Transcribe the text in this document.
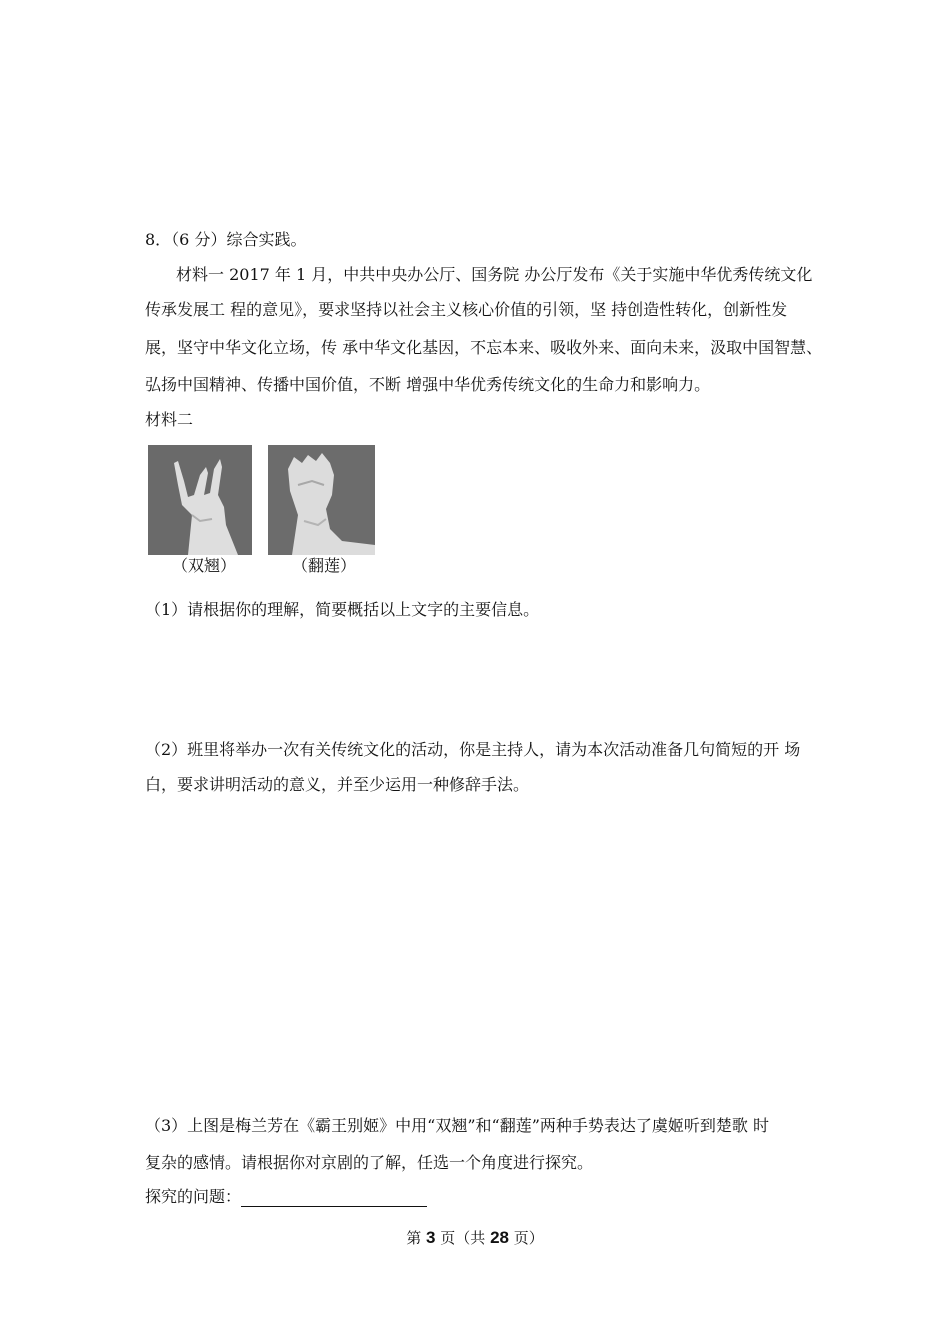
8．（6 分）综合实践。
材料一 2017 年 1 月，中共中央办公厅、国务院 办公厅发布《关于实施中华优秀传统文化
传承发展工 程的意见》，要求坚持以社会主义核心价值的引领，坚 持创造性转化，创新性发
展，坚守中华文化立场，传 承中华文化基因，不忘本来、吸收外来、面向未来，汲取中国智慧、
弘扬中国精神、传播中国价值，不断 增强中华优秀传统文化的生命力和影响力。
材料二
（双翘）	（翻莲）
（1）请根据你的理解，简要概括以上文字的主要信息。
（2）班里将举办一次有关传统文化的活动，你是主持人，请为本次活动准备几句简短的开 场
白，要求讲明活动的意义，并至少运用一种修辞手法。
（3）上图是梅兰芳在《霸王别姬》中用“双翘”和“翻莲”两种手势表达了虞姬听到楚歌 时
复杂的感情。请根据你对京剧的了解，任选一个角度进行探究。
探究的问题：
第 3 页（共 28 页）
